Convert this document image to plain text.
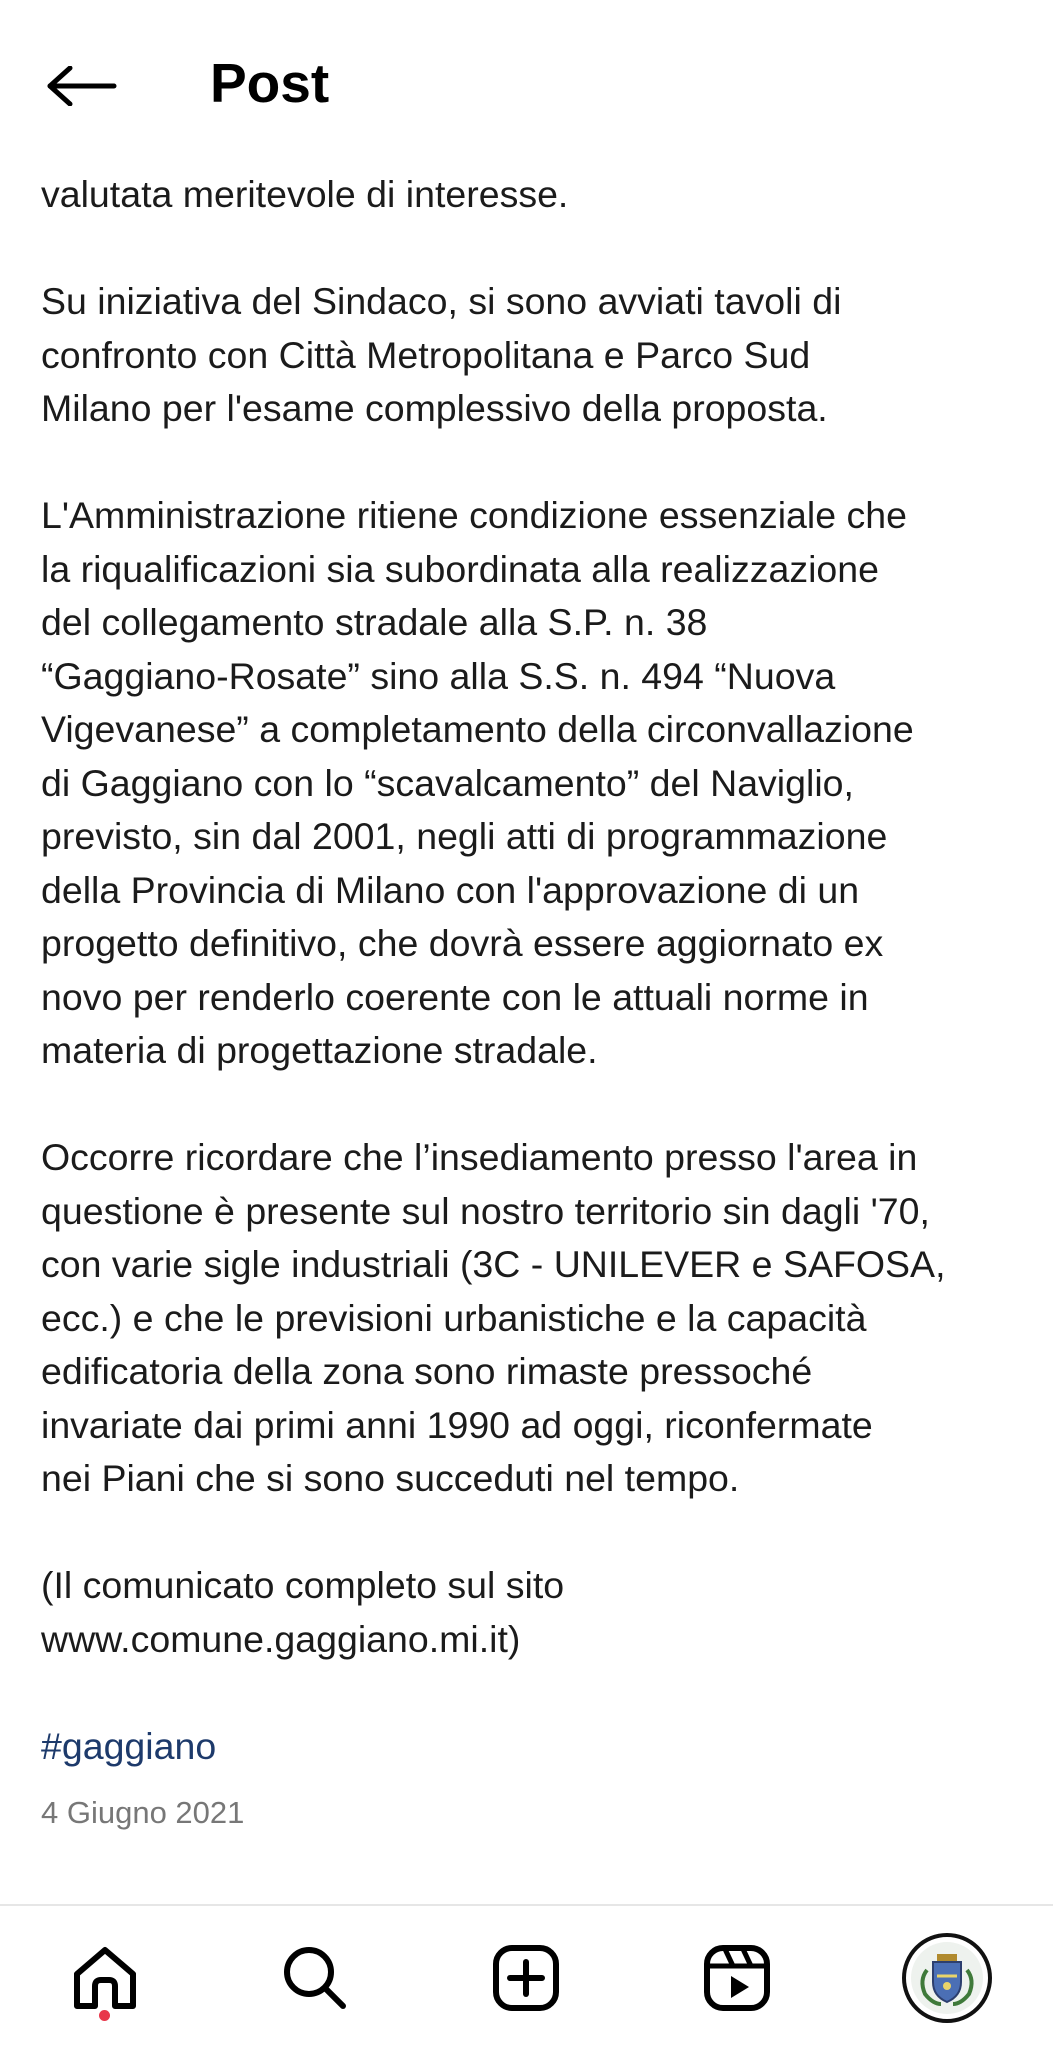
Post

valutata meritevole di interesse.

Su iniziativa del Sindaco, si sono avviati tavoli di
confronto con Città Metropolitana e Parco Sud
Milano per l'esame complessivo della proposta.

L'Amministrazione ritiene condizione essenziale che
la riqualificazioni sia subordinata alla realizzazione
del collegamento stradale alla S.P. n. 38
“Gaggiano-Rosate” sino alla S.S. n. 494 “Nuova
Vigevanese” a completamento della circonvallazione
di Gaggiano con lo “scavalcamento” del Naviglio,
previsto, sin dal 2001, negli atti di programmazione
della Provincia di Milano con l'approvazione di un
progetto definitivo, che dovrà essere aggiornato ex
novo per renderlo coerente con le attuali norme in
materia di progettazione stradale.

Occorre ricordare che l’insediamento presso l'area in
questione è presente sul nostro territorio sin dagli '70,
con varie sigle industriali (3C - UNILEVER e SAFOSA,
ecc.) e che le previsioni urbanistiche e la capacità
edificatoria della zona sono rimaste pressoché
invariate dai primi anni 1990 ad oggi, riconfermate
nei Piani che si sono succeduti nel tempo.

(Il comunicato completo sul sito
www.comune.gaggiano.mi.it)

#gaggiano
4 Giugno 2021
